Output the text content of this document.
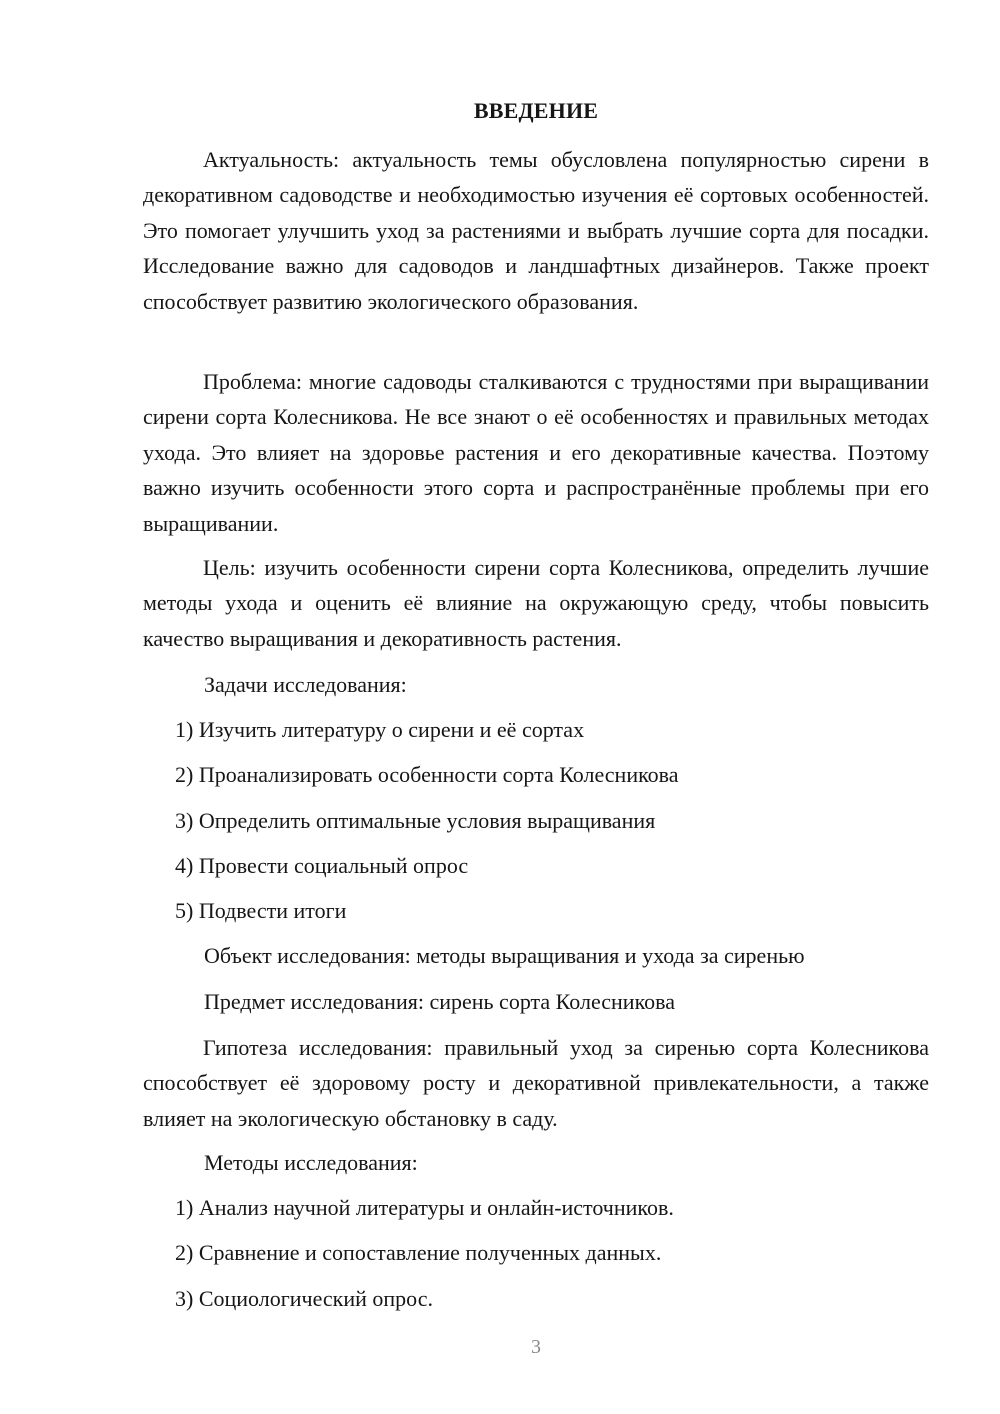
ВВЕДЕНИЕ

Актуальность: актуальность темы обусловлена популярностью сирени в декоративном садоводстве и необходимостью изучения её сортовых особенностей. Это помогает улучшить уход за растениями и выбрать лучшие сорта для посадки. Исследование важно для садоводов и ландшафтных дизайнеров. Также проект способствует развитию экологического образования.

Проблема: многие садоводы сталкиваются с трудностями при выращивании сирени сорта Колесникова. Не все знают о её особенностях и правильных методах ухода. Это влияет на здоровье растения и его декоративные качества. Поэтому важно изучить особенности этого сорта и распространённые проблемы при его выращивании.

Цель: изучить особенности сирени сорта Колесникова, определить лучшие методы ухода и оценить её влияние на окружающую среду, чтобы повысить качество выращивания и декоративность растения.

Задачи исследования:
1) Изучить литературу о сирени и её сортах
2) Проанализировать особенности сорта Колесникова
3) Определить оптимальные условия выращивания
4) Провести социальный опрос
5) Подвести итоги
Объект исследования: методы выращивания и ухода за сиренью
Предмет исследования: сирень сорта Колесникова

Гипотеза исследования: правильный уход за сиренью сорта Колесникова способствует её здоровому росту и декоративной привлекательности, а также влияет на экологическую обстановку в саду.

Методы исследования:
1) Анализ научной литературы и онлайн-источников.
2) Сравнение и сопоставление полученных данных.
3) Социологический опрос.
3
